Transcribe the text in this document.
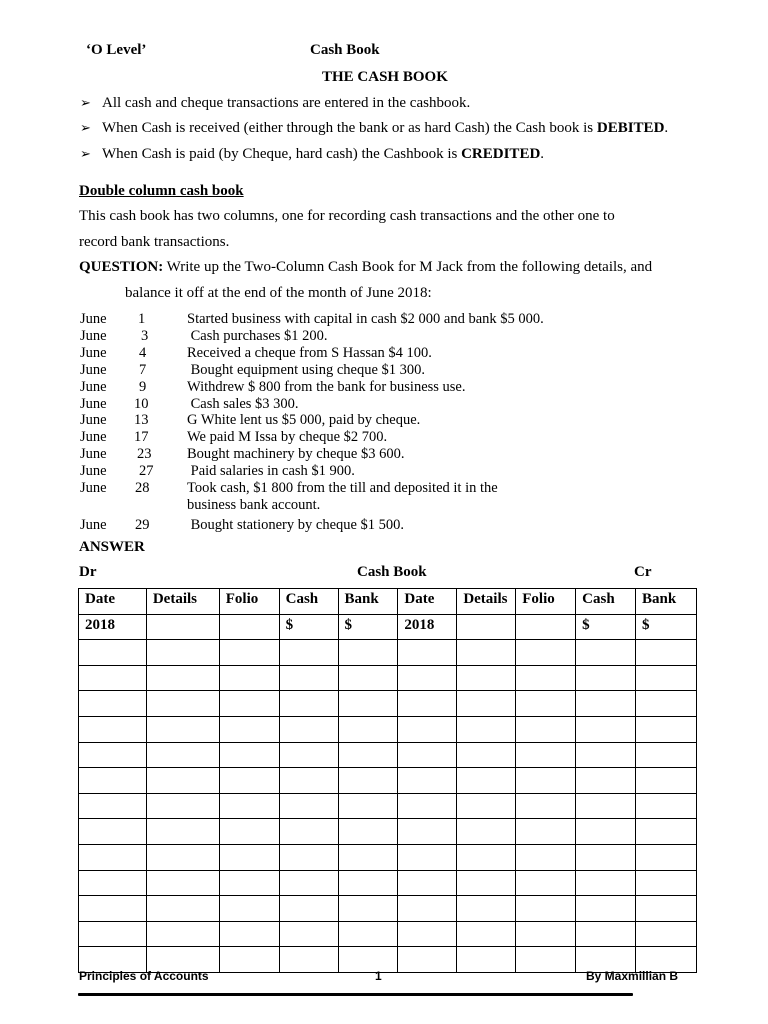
‘O Level’	Cash Book
THE CASH BOOK
➢ All cash and cheque transactions are entered in the cashbook.
➢ When Cash is received (either through the bank or as hard Cash) the Cash book is DEBITED.
➢ When Cash is paid (by Cheque, hard cash) the Cashbook is CREDITED.
Double column cash book
This cash book has two columns, one for recording cash transactions and the other one to
record bank transactions.
QUESTION: Write up the Two-Column Cash Book for M Jack from the following details, and
balance it off at the end of the month of June 2018:
June	1	Started business with capital in cash $2 000 and bank $5 000.
June	3	Cash purchases $1 200.
June	4	Received a cheque from S Hassan $4 100.
June	7	Bought equipment using cheque $1 300.
June	9	Withdrew $ 800 from the bank for business use.
June	10	Cash sales $3 300.
June	13	G White lent us $5 000, paid by cheque.
June	17	We paid M Issa by cheque $2 700.
June	23	Bought machinery by cheque $3 600.
June	27	Paid salaries in cash $1 900.
June	28	Took cash, $1 800 from the till and deposited it in the
business bank account.
June	29	Bought stationery by cheque $1 500.
ANSWER
Dr	Cash Book	Cr
Date	Details	Folio	Cash	Bank	Date	Details	Folio	Cash	Bank
2018			$	$	2018			$	$

Principles of Accounts	1	By Maxmillian B
